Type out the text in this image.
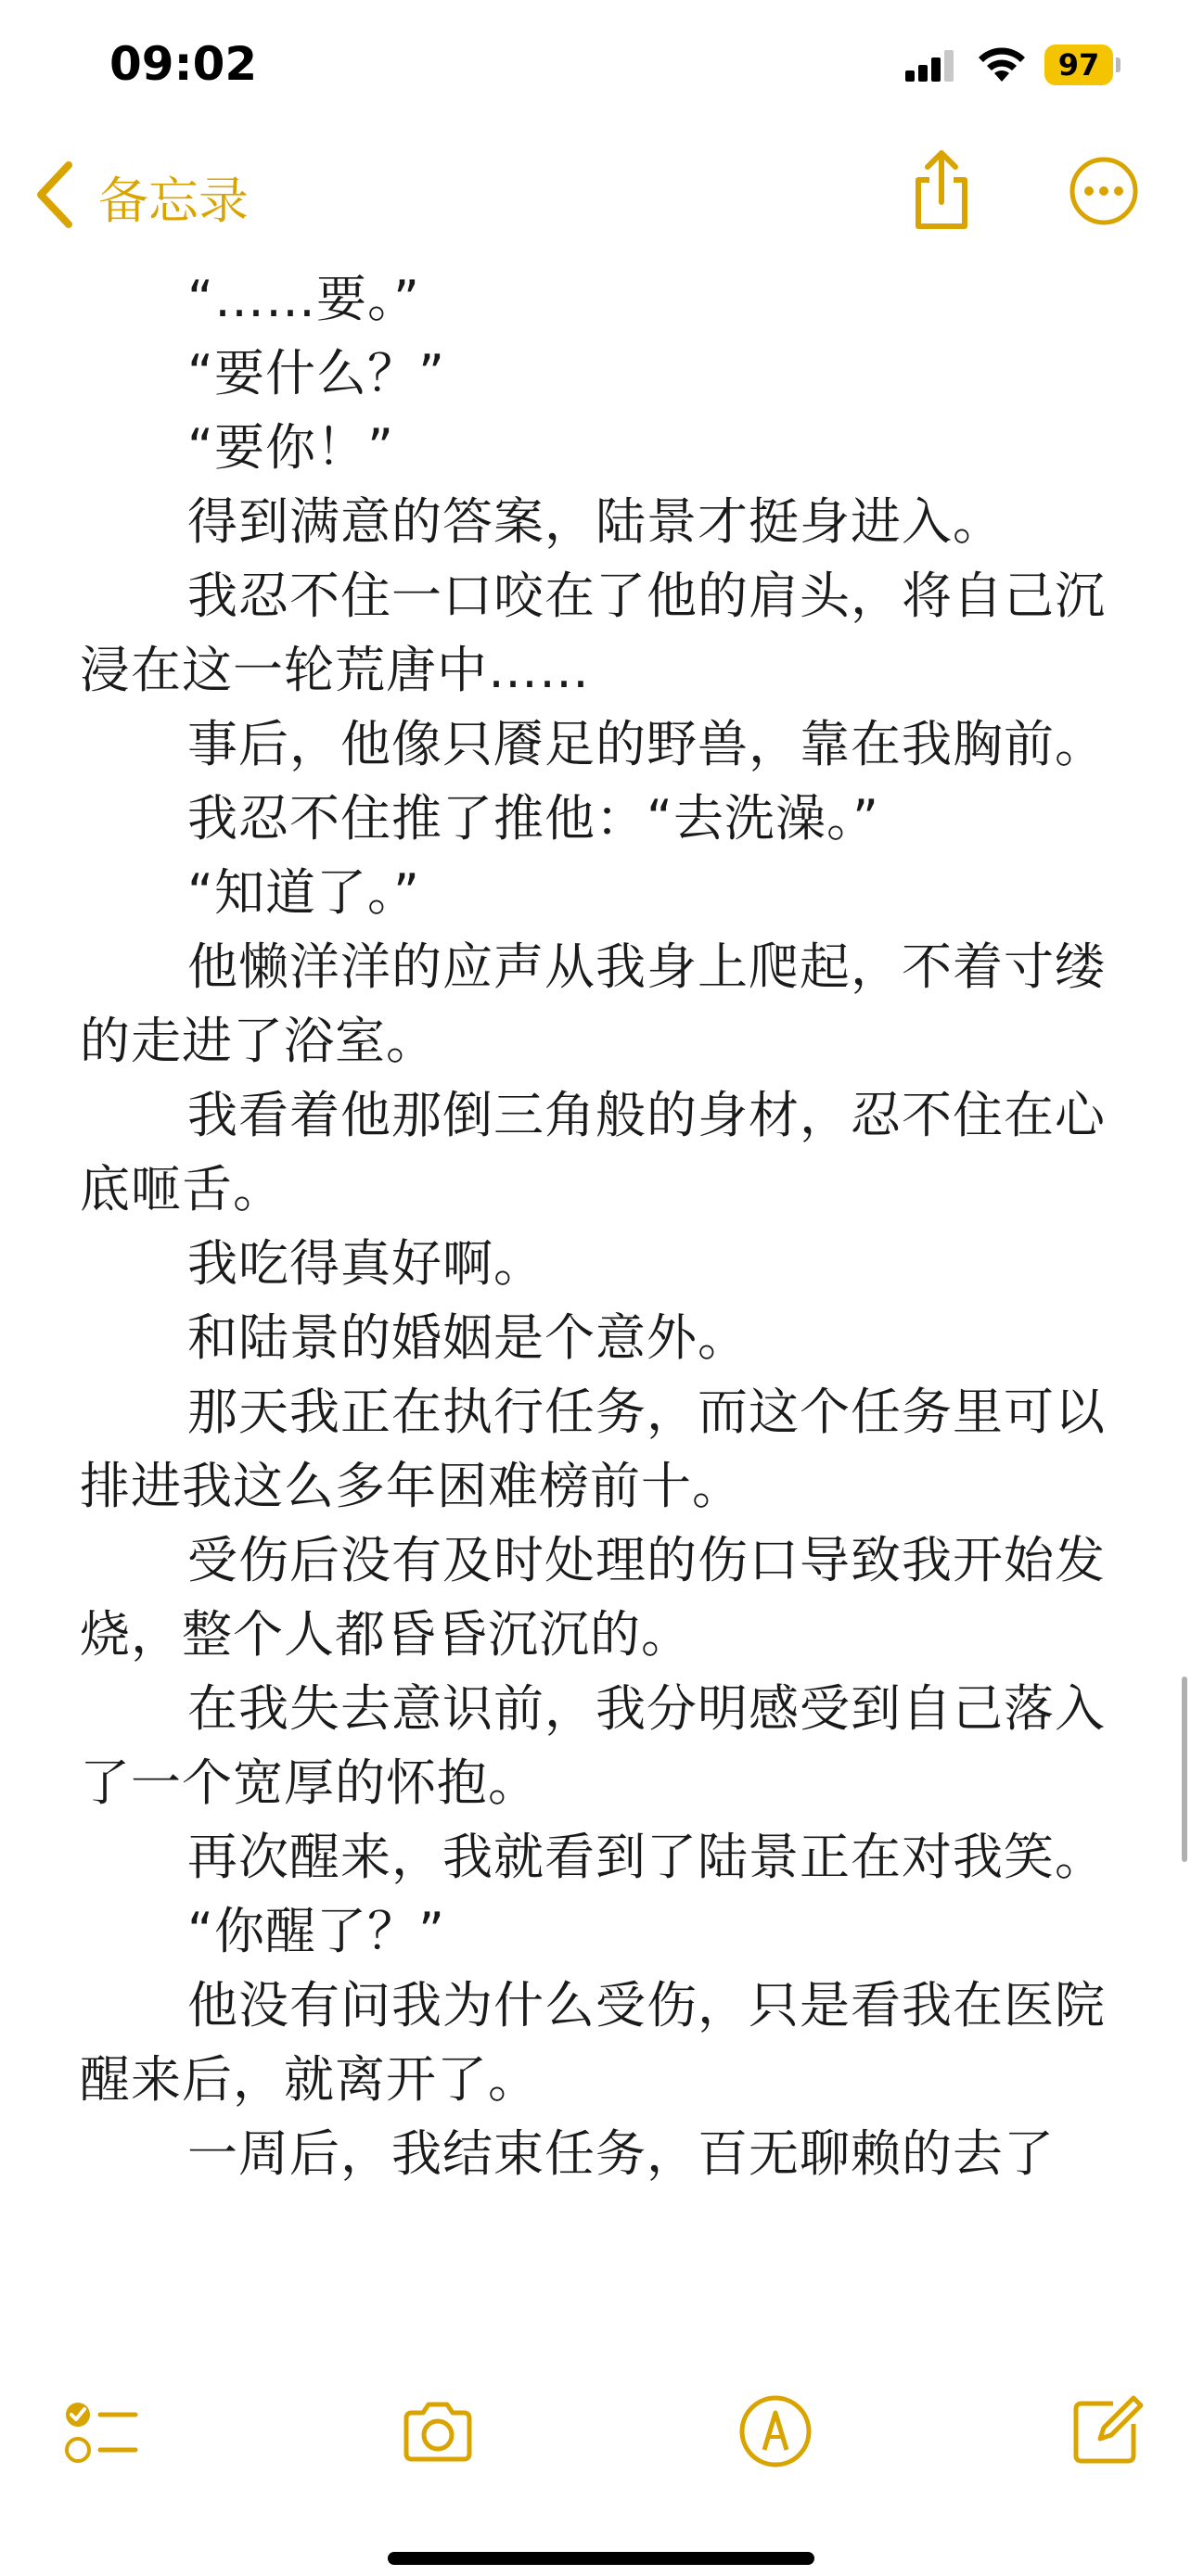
09:02	97
备忘录

“……要。”

“要什么？”

“要你！”

得到满意的答案，陆景才挺身进入。

我忍不住一口咬在了他的肩头，将自己沉浸在这一轮荒唐中……

事后，他像只餍足的野兽，靠在我胸前。

我忍不住推了推他：“去洗澡。”

“知道了。”

他懒洋洋的应声从我身上爬起，不着寸缕的走进了浴室。

我看着他那倒三角般的身材，忍不住在心底咂舌。

我吃得真好啊。

和陆景的婚姻是个意外。

那天我正在执行任务，而这个任务里可以排进我这么多年困难榜前十。

受伤后没有及时处理的伤口导致我开始发烧，整个人都昏昏沉沉的。

在我失去意识前，我分明感受到自己落入了一个宽厚的怀抱。

再次醒来，我就看到了陆景正在对我笑。

“你醒了？”

他没有问我为什么受伤，只是看我在医院醒来后，就离开了。

一周后，我结束任务，百无聊赖的去了
